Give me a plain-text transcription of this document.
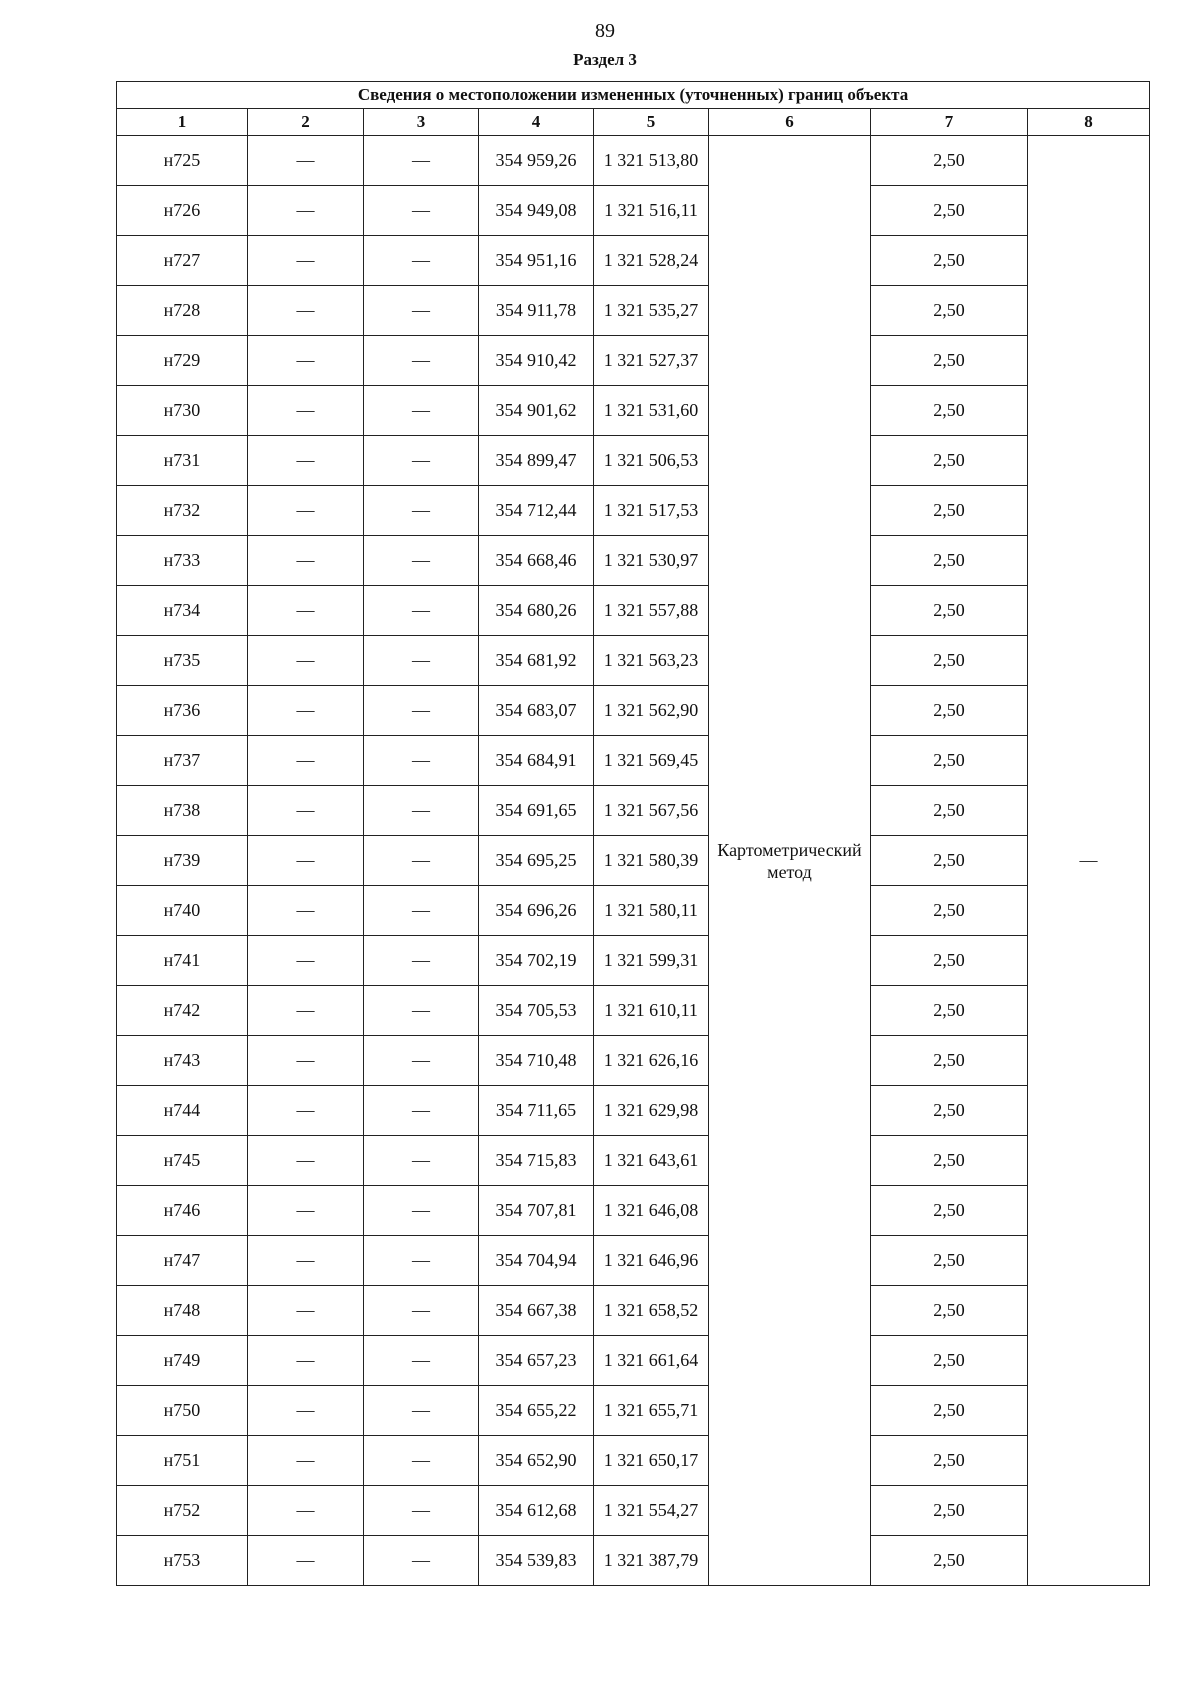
89
Раздел 3
Сведения о местоположении измененных (уточненных) границ объекта							
1	2	3	4	5	6	7	8
н725	—	—	354 959,26	1 321 513,80	Картометрический метод	2,50	—
н726	—	—	354 949,08	1 321 516,11		2,50	
н727	—	—	354 951,16	1 321 528,24		2,50	
н728	—	—	354 911,78	1 321 535,27		2,50	
н729	—	—	354 910,42	1 321 527,37		2,50	
н730	—	—	354 901,62	1 321 531,60		2,50	
н731	—	—	354 899,47	1 321 506,53		2,50	
н732	—	—	354 712,44	1 321 517,53		2,50	
н733	—	—	354 668,46	1 321 530,97		2,50	
н734	—	—	354 680,26	1 321 557,88		2,50	
н735	—	—	354 681,92	1 321 563,23		2,50	
н736	—	—	354 683,07	1 321 562,90		2,50	
н737	—	—	354 684,91	1 321 569,45		2,50	
н738	—	—	354 691,65	1 321 567,56		2,50	
н739	—	—	354 695,25	1 321 580,39		2,50	
н740	—	—	354 696,26	1 321 580,11		2,50	
н741	—	—	354 702,19	1 321 599,31		2,50	
н742	—	—	354 705,53	1 321 610,11		2,50	
н743	—	—	354 710,48	1 321 626,16		2,50	
н744	—	—	354 711,65	1 321 629,98		2,50	
н745	—	—	354 715,83	1 321 643,61		2,50	
н746	—	—	354 707,81	1 321 646,08		2,50	
н747	—	—	354 704,94	1 321 646,96		2,50	
н748	—	—	354 667,38	1 321 658,52		2,50	
н749	—	—	354 657,23	1 321 661,64		2,50	
н750	—	—	354 655,22	1 321 655,71		2,50	
н751	—	—	354 652,90	1 321 650,17		2,50	
н752	—	—	354 612,68	1 321 554,27		2,50	
н753	—	—	354 539,83	1 321 387,79		2,50	
